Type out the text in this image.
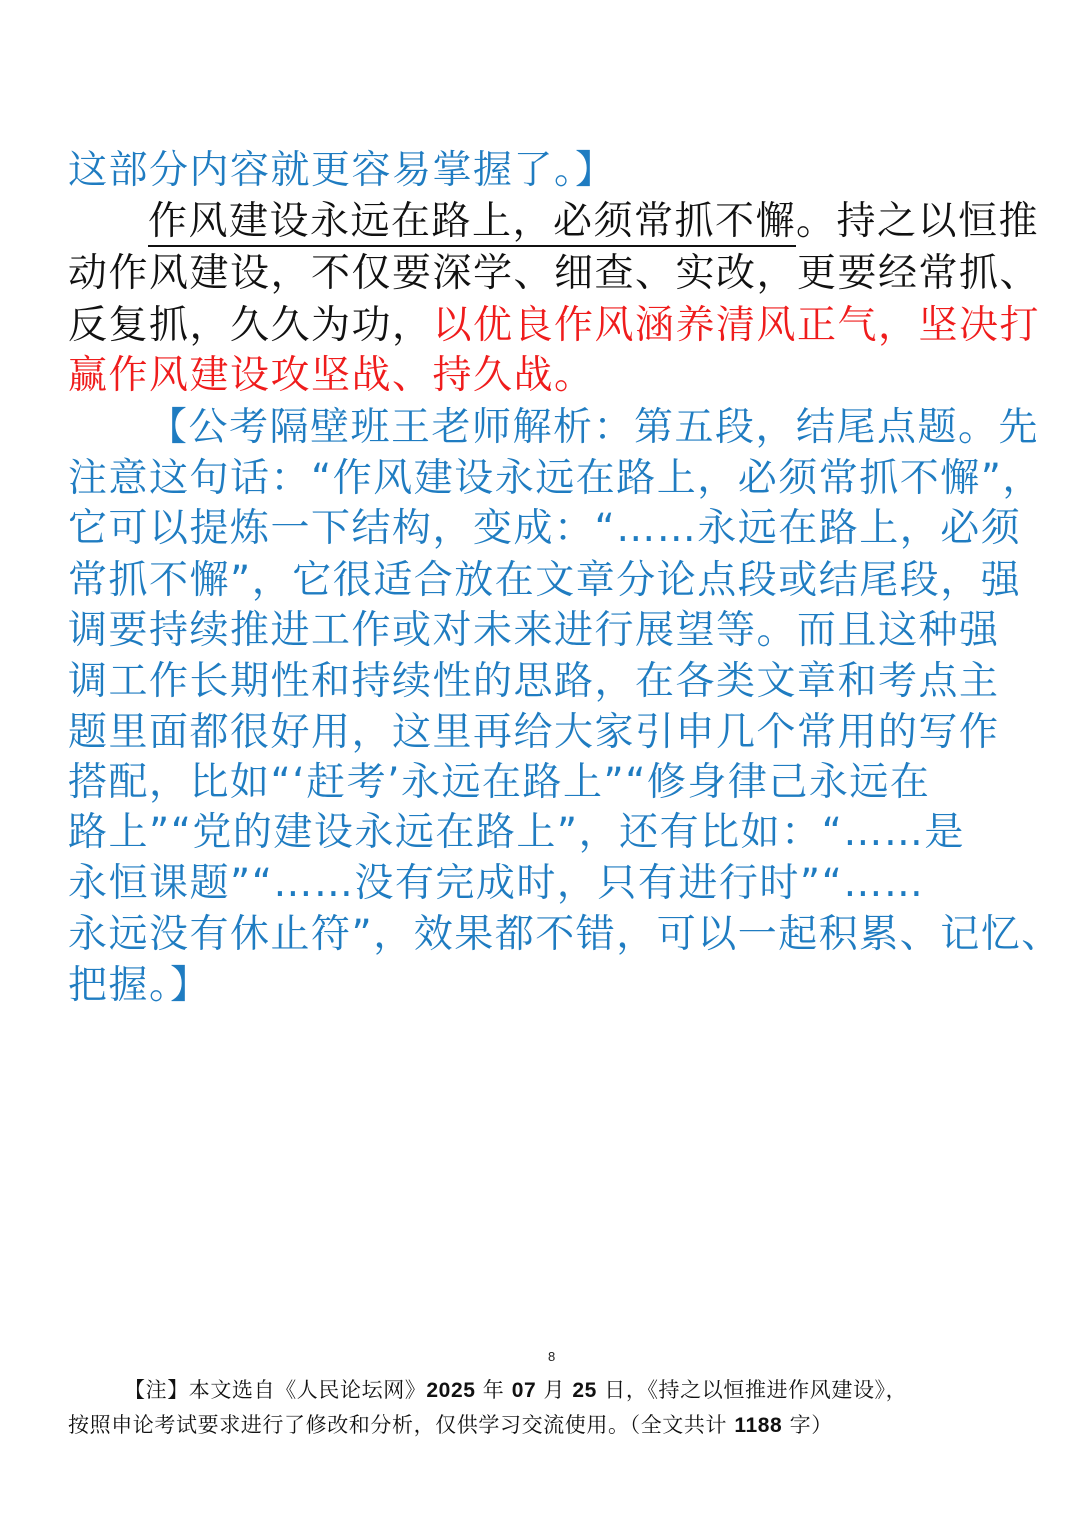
这部分内容就更容易掌握了。】
作风建设永远在路上，必须常抓不懈。持之以恒推
动作风建设，不仅要深学、细查、实改，更要经常抓、
反复抓，久久为功，以优良作风涵养清风正气，坚决打
赢作风建设攻坚战、持久战。
【公考隔壁班王老师解析：第五段，结尾点题。先
注意这句话：“作风建设永远在路上，必须常抓不懈”，
它可以提炼一下结构，变成：“……永远在路上，必须
常抓不懈”，它很适合放在文章分论点段或结尾段，强
调要持续推进工作或对未来进行展望等。而且这种强
调工作长期性和持续性的思路，在各类文章和考点主
题里面都很好用，这里再给大家引申几个常用的写作
搭配，比如“‘赶考’永远在路上”“修身律己永远在
路上”“党的建设永远在路上”，还有比如：“……是
永恒课题”“……没有完成时，只有进行时”“……
永远没有休止符”，效果都不错，可以一起积累、记忆、
把握。】
8
【注】本文选自《人民论坛网》2025 年 07 月 25 日，《持之以恒推进作风建设》，
按照申论考试要求进行了修改和分析，仅供学习交流使用。（全文共计 1188 字）
